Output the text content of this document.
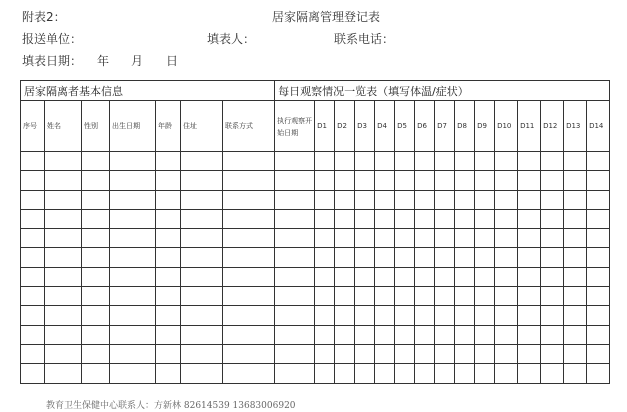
附表2：	居家隔离管理登记表
报送单位：	填表人：	联系电话：
填表日期： 年 月 日
居家隔离者基本信息							每日观察情况一览表（填写体温/症状）														
序号	姓名	性别	出生日期	年龄	住址	联系方式	执行观察开始日期	D1	D2	D3	D4	D5	D6	D7	D8	D9	D10	D11	D12	D13	D14

教育卫生保健中心联系人：方新林 82614539 13683006920
